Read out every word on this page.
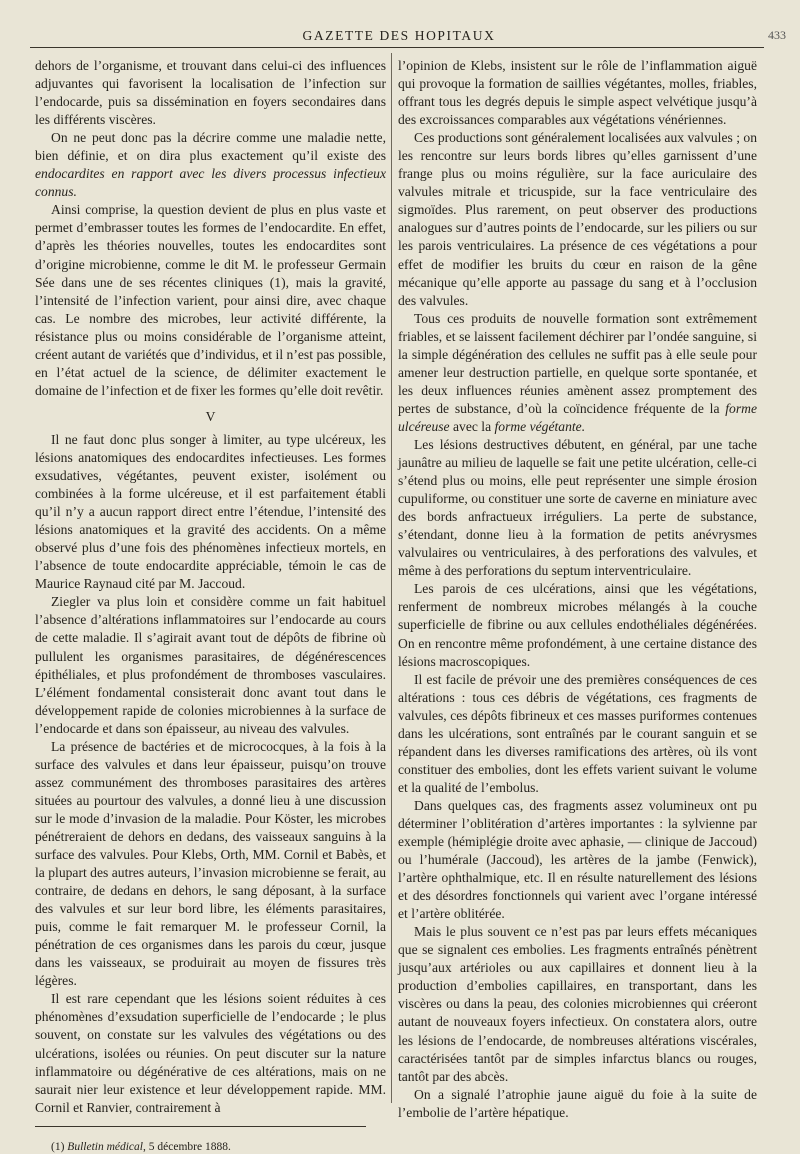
GAZETTE DES HOPITAUX	433

dehors de l’organisme, et trouvant dans celui-ci des influences adjuvantes qui favorisent la localisation de l’infection sur l’endocarde, puis sa dissémination en foyers secondaires dans les différents viscères.

On ne peut donc pas la décrire comme une maladie nette, bien définie, et on dira plus exactement qu’il existe des endocardites en rapport avec les divers processus infectieux connus.

Ainsi comprise, la question devient de plus en plus vaste et permet d’embrasser toutes les formes de l’endocardite. En effet, d’après les théories nouvelles, toutes les endocardites sont d’origine microbienne, comme le dit M. le professeur Germain Sée dans une de ses récentes cliniques (1), mais la gravité, l’intensité de l’infection varient, pour ainsi dire, avec chaque cas. Le nombre des microbes, leur activité différente, la résistance plus ou moins considérable de l’organisme atteint, créent autant de variétés que d’individus, et il n’est pas possible, en l’état actuel de la science, de délimiter exactement le domaine de l’infection et de fixer les formes qu’elle doit revêtir.

V

Il ne faut donc plus songer à limiter, au type ulcéreux, les lésions anatomiques des endocardites infectieuses. Les formes exsudatives, végétantes, peuvent exister, isolément ou combinées à la forme ulcéreuse, et il est parfaitement établi qu’il n’y a aucun rapport direct entre l’étendue, l’intensité des lésions anatomiques et la gravité des accidents. On a même observé plus d’une fois des phénomènes infectieux mortels, en l’absence de toute endocardite appréciable, témoin le cas de Maurice Raynaud cité par M. Jaccoud.

Ziegler va plus loin et considère comme un fait habituel l’absence d’altérations inflammatoires sur l’endocarde au cours de cette maladie. Il s’agirait avant tout de dépôts de fibrine où pullulent les organismes parasitaires, de dégénérescences épithéliales, et plus profondément de thromboses vasculaires. L’élément fondamental consisterait donc avant tout dans le développement rapide de colonies microbiennes à la surface de l’endocarde et dans son épaisseur, au niveau des valvules.

La présence de bactéries et de micrococques, à la fois à la surface des valvules et dans leur épaisseur, puisqu’on trouve assez communément des thromboses parasitaires des artères situées au pourtour des valvules, a donné lieu à une discussion sur le mode d’invasion de la maladie. Pour Köster, les microbes pénétreraient de dehors en dedans, des vaisseaux sanguins à la surface des valvules. Pour Klebs, Orth, MM. Cornil et Babès, et la plupart des autres auteurs, l’invasion microbienne se ferait, au contraire, de dedans en dehors, le sang déposant, à la surface des valvules et sur leur bord libre, les éléments parasitaires, puis, comme le fait remarquer M. le professeur Cornil, la pénétration de ces organismes dans les parois du cœur, jusque dans les vaisseaux, se produirait au moyen de fissures très légères.

Il est rare cependant que les lésions soient réduites à ces phénomènes d’exsudation superficielle de l’endocarde ; le plus souvent, on constate sur les valvules des végétations ou des ulcérations, isolées ou réunies. On peut discuter sur la nature inflammatoire ou dégénérative de ces altérations, mais on ne saurait nier leur existence et leur développement rapide. MM. Cornil et Ranvier, contrairement à

(1) Bulletin médical, 5 décembre 1888.

l’opinion de Klebs, insistent sur le rôle de l’inflammation aiguë qui provoque la formation de saillies végétantes, molles, friables, offrant tous les degrés depuis le simple aspect velvétique jusqu’à des excroissances comparables aux végétations vénériennes.

Ces productions sont généralement localisées aux valvules ; on les rencontre sur leurs bords libres qu’elles garnissent d’une frange plus ou moins régulière, sur la face auriculaire des valvules mitrale et tricuspide, sur la face ventriculaire des sigmoïdes. Plus rarement, on peut observer des productions analogues sur d’autres points de l’endocarde, sur les piliers ou sur les parois ventriculaires. La présence de ces végétations a pour effet de modifier les bruits du cœur en raison de la gêne mécanique qu’elle apporte au passage du sang et à l’occlusion des valvules.

Tous ces produits de nouvelle formation sont extrêmement friables, et se laissent facilement déchirer par l’ondée sanguine, si la simple dégénération des cellules ne suffit pas à elle seule pour amener leur destruction partielle, en quelque sorte spontanée, et les deux influences réunies amènent assez promptement des pertes de substance, d’où la coïncidence fréquente de la forme ulcéreuse avec la forme végétante.

Les lésions destructives débutent, en général, par une tache jaunâtre au milieu de laquelle se fait une petite ulcération, celle-ci s’étend plus ou moins, elle peut représenter une simple érosion cupuliforme, ou constituer une sorte de caverne en miniature avec des bords anfractueux irréguliers. La perte de substance, s’étendant, donne lieu à la formation de petits anévrysmes valvulaires ou ventriculaires, à des perforations des valvules, et même à des perforations du septum interventriculaire.

Les parois de ces ulcérations, ainsi que les végétations, renferment de nombreux microbes mélangés à la couche superficielle de fibrine ou aux cellules endothéliales dégénérées. On en rencontre même profondément, à une certaine distance des lésions macroscopiques.

Il est facile de prévoir une des premières conséquences de ces altérations : tous ces débris de végétations, ces fragments de valvules, ces dépôts fibrineux et ces masses puriformes contenues dans les ulcérations, sont entraînés par le courant sanguin et se répandent dans les diverses ramifications des artères, où ils vont constituer des embolies, dont les effets varient suivant le volume et la qualité de l’embolus.

Dans quelques cas, des fragments assez volumineux ont pu déterminer l’oblitération d’artères importantes : la sylvienne par exemple (hémiplégie droite avec aphasie, — clinique de Jaccoud) ou l’humérale (Jaccoud), les artères de la jambe (Fenwick), l’artère ophthalmique, etc. Il en résulte naturellement des lésions et des désordres fonctionnels qui varient avec l’organe intéressé et l’artère oblitérée.

Mais le plus souvent ce n’est pas par leurs effets mécaniques que se signalent ces embolies. Les fragments entraînés pénètrent jusqu’aux artérioles ou aux capillaires et donnent lieu à la production d’embolies capillaires, en transportant, dans les viscères ou dans la peau, des colonies microbiennes qui créeront autant de nouveaux foyers infectieux. On constatera alors, outre les lésions de l’endocarde, de nombreuses altérations viscérales, caractérisées tantôt par de simples infarctus blancs ou rouges, tantôt par des abcès.

On a signalé l’atrophie jaune aiguë du foie à la suite de l’embolie de l’artère hépatique.
